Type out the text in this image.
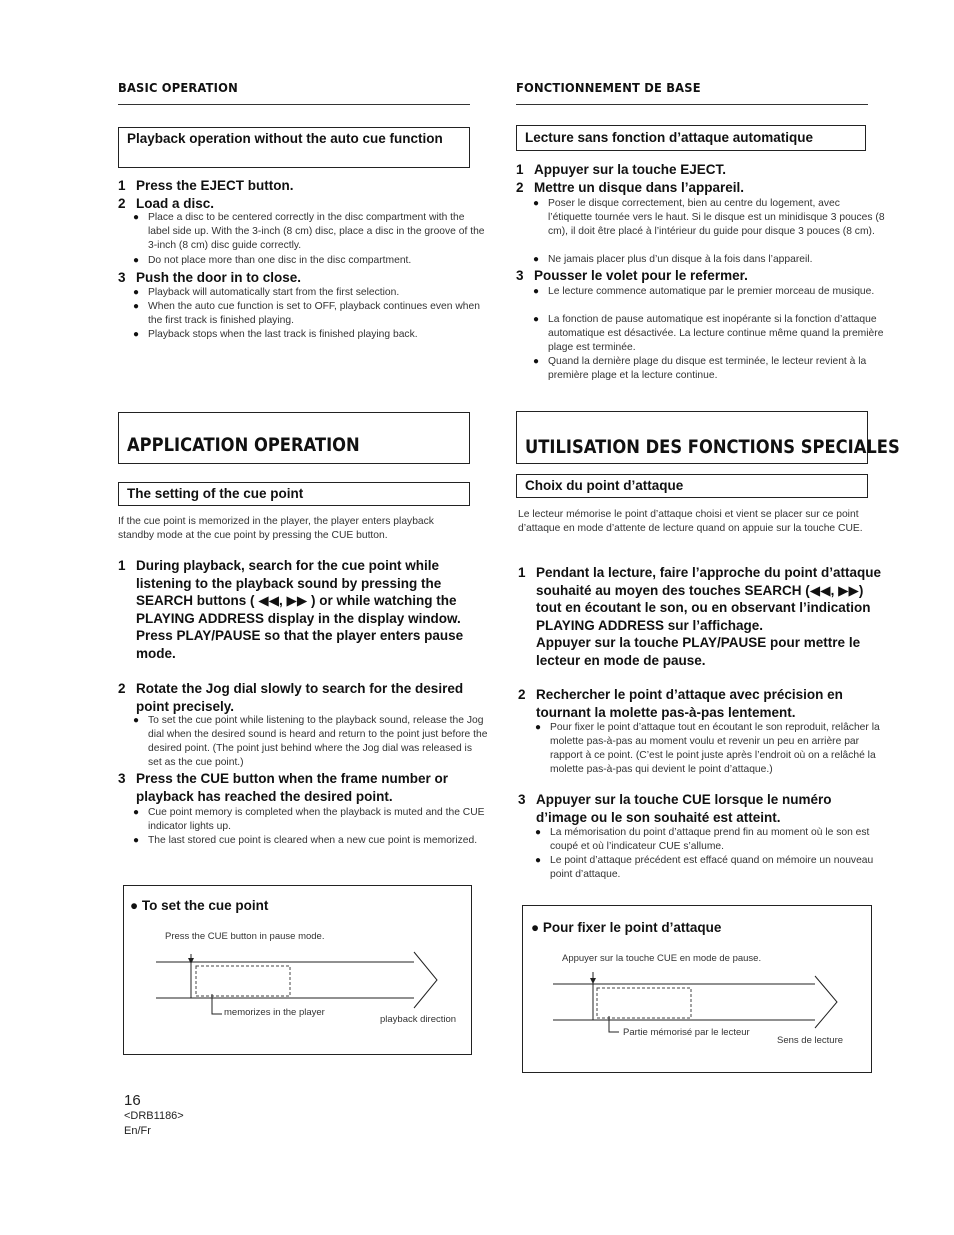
BASIC OPERATION
Playback operation without the auto cue function
1 Press the EJECT button.
2 Load a disc.
● Place a disc to be centered correctly in the disc compartment with the label side up. With the 3-inch (8 cm) disc, place a disc in the groove of the 3-inch (8 cm) disc guide correctly.
● Do not place more than one disc in the disc compartment.
3 Push the door in to close.
● Playback will automatically start from the first selection.
● When the auto cue function is set to OFF, playback continues even when the first track is finished playing.
● Playback stops when the last track is finished playing back.
APPLICATION OPERATION
The setting of the cue point
If the cue point is memorized in the player, the player enters playback standby mode at the cue point by pressing the CUE button.
1 During playback, search for the cue point while listening to the playback sound by pressing the SEARCH buttons ( ◀◀, ▶▶ ) or while watching the PLAYING ADDRESS display in the display window.
Press PLAY/PAUSE so that the player enters pause mode.
2 Rotate the Jog dial slowly to search for the desired point precisely.
● To set the cue point while listening to the playback sound, release the Jog dial when the desired sound is heard and return to the point just before the desired point. (The point just behind where the Jog dial was released is set as the cue point.)
3 Press the CUE button when the frame number or playback has reached the desired point.
● Cue point memory is completed when the playback is muted and the CUE indicator lights up.
● The last stored cue point is cleared when a new cue point is memorized.
● To set the cue point
Press the CUE button in pause mode.
memorizes in the player
playback direction
FONCTIONNEMENT DE BASE
Lecture sans fonction d’attaque automatique
1 Appuyer sur la touche EJECT.
2 Mettre un disque dans l’appareil.
● Poser le disque correctement, bien au centre du logement, avec l’étiquette tournée vers le haut. Si le disque est un minidisque 3 pouces (8 cm), il doit être placé à l’intérieur du guide pour disque 3 pouces (8 cm).
● Ne jamais placer plus d’un disque à la fois dans l’appareil.
3 Pousser le volet pour le refermer.
● Le lecture commence automatique par le premier morceau de musique.
● La fonction de pause automatique est inopérante si la fonction d’attaque automatique est désactivée. La lecture continue même quand la première plage est terminée.
● Quand la dernière plage du disque est terminée, le lecteur revient à la première plage et la lecture continue.
UTILISATION DES FONCTIONS SPECIALES
Choix du point d’attaque
Le lecteur mémorise le point d’attaque choisi et vient se placer sur ce point d’attaque en mode d’attente de lecture quand on appuie sur la touche CUE.
1 Pendant la lecture, faire l’approche du point d’attaque souhaité au moyen des touches SEARCH (◀◀, ▶▶) tout en écoutant le son, ou en observant l’indication PLAYING ADDRESS sur l’affichage.
Appuyer sur la touche PLAY/PAUSE pour mettre le lecteur en mode de pause.
2 Rechercher le point d’attaque avec précision en tournant la molette pas-à-pas lentement.
● Pour fixer le point d’attaque tout en écoutant le son reproduit, relâcher la molette pas-à-pas au moment voulu et revenir un peu en arrière par rapport à ce point. (C’est le point juste après l’endroit où on a relâché la molette pas-à-pas qui devient le point d’attaque.)
3 Appuyer sur la touche CUE lorsque le numéro d’image ou le son souhaité est atteint.
● La mémorisation du point d’attaque prend fin au moment où le son est coupé et où l’indicateur CUE s’allume.
● Le point d’attaque précédent est effacé quand on mémoire un nouveau point d’attaque.
● Pour fixer le point d’attaque
Appuyer sur la touche CUE en mode de pause.
Partie mémorisé par le lecteur
Sens de lecture
16
<DRB1186>
En/Fr
